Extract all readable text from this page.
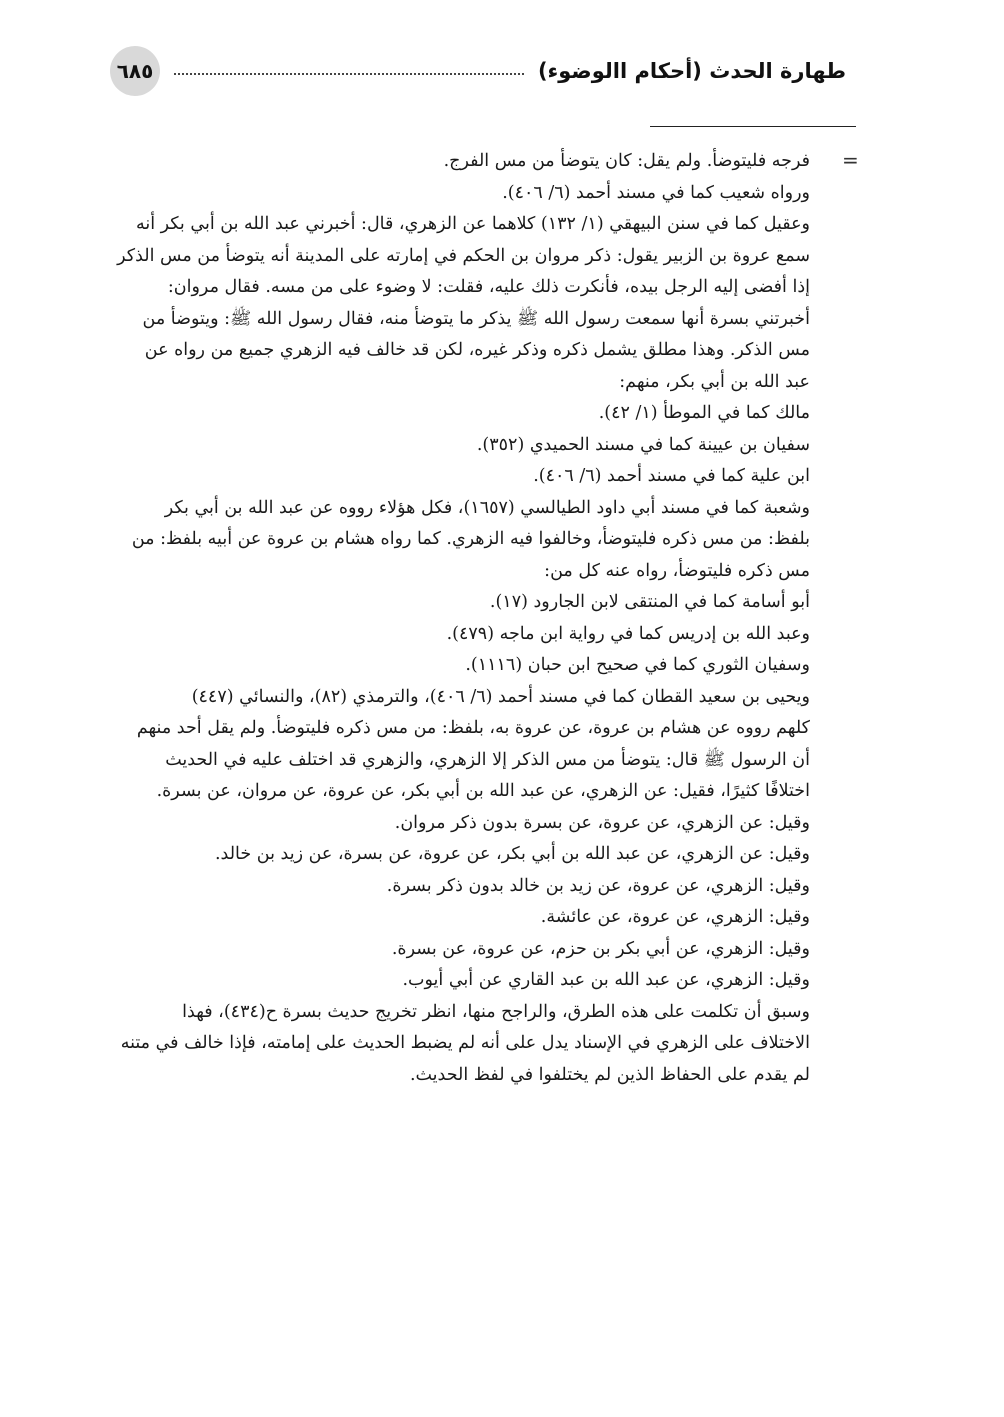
طهارة الحدث (أحكام االوضوء)
٦٨٥
=

فرجه فليتوضأ. ولم يقل: كان يتوضأ من مس الفرج.

ورواه شعيب كما في مسند أحمد (٦/ ٤٠٦).

وعقيل كما في سنن البيهقي (١/ ١٣٢) كلاهما عن الزهري، قال: أخبرني عبد الله بن أبي بكر أنه

سمع عروة بن الزبير يقول: ذكر مروان بن الحكم في إمارته على المدينة أنه يتوضأ من مس الذكر

إذا أفضى إليه الرجل بيده، فأنكرت ذلك عليه، فقلت: لا وضوء على من مسه. فقال مروان:

أخبرتني بسرة أنها سمعت رسول الله ﷺ يذكر ما يتوضأ منه، فقال رسول الله ﷺ: ويتوضأ من

مس الذكر. وهذا مطلق يشمل ذكره وذكر غيره، لكن قد خالف فيه الزهري جميع من رواه عن

عبد الله بن أبي بكر، منهم:

مالك كما في الموطأ (١/ ٤٢).

سفيان بن عيينة كما في مسند الحميدي (٣٥٢).

ابن علية كما في مسند أحمد (٦/ ٤٠٦).

وشعبة كما في مسند أبي داود الطيالسي (١٦٥٧)، فكل هؤلاء رووه عن عبد الله بن أبي بكر

بلفظ: من مس ذكره فليتوضأ، وخالفوا فيه الزهري. كما رواه هشام بن عروة عن أبيه بلفظ: من

مس ذكره فليتوضأ، رواه عنه كل من:

أبو أسامة كما في المنتقى لابن الجارود (١٧).

وعبد الله بن إدريس كما في رواية ابن ماجه (٤٧٩).

وسفيان الثوري كما في صحيح ابن حبان (١١١٦).

ويحيى بن سعيد القطان كما في مسند أحمد (٦/ ٤٠٦)، والترمذي (٨٢)، والنسائي (٤٤٧)

كلهم رووه عن هشام بن عروة، عن عروة به، بلفظ: من مس ذكره فليتوضأ. ولم يقل أحد منهم

أن الرسول ﷺ قال: يتوضأ من مس الذكر إلا الزهري، والزهري قد اختلف عليه في الحديث

اختلافًا كثيرًا، فقيل: عن الزهري، عن عبد الله بن أبي بكر، عن عروة، عن مروان، عن بسرة.

وقيل: عن الزهري، عن عروة، عن بسرة بدون ذكر مروان.

وقيل: عن الزهري، عن عبد الله بن أبي بكر، عن عروة، عن بسرة، عن زيد بن خالد.

وقيل: الزهري، عن عروة، عن زيد بن خالد بدون ذكر بسرة.

وقيل: الزهري، عن عروة، عن عائشة.

وقيل: الزهري، عن أبي بكر بن حزم، عن عروة، عن بسرة.

وقيل: الزهري، عن عبد الله بن عبد القاري عن أبي أيوب.

وسبق أن تكلمت على هذه الطرق، والراجح منها، انظر تخريج حديث بسرة ح(٤٣٤)، فهذا

الاختلاف على الزهري في الإسناد يدل على أنه لم يضبط الحديث على إمامته، فإذا خالف في متنه

لم يقدم على الحفاظ الذين لم يختلفوا في لفظ الحديث.
